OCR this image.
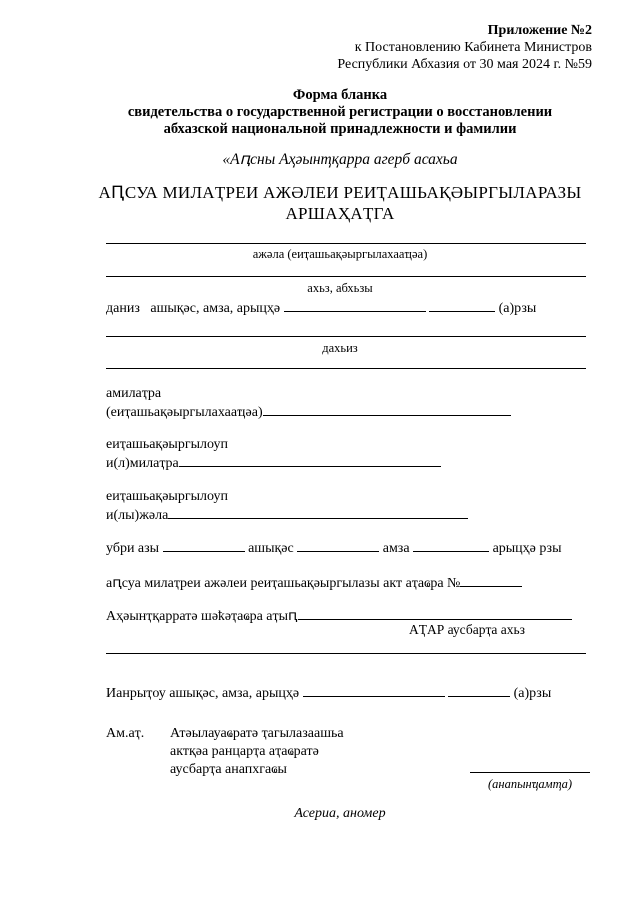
Приложение №2
к Постановлению Кабинета Министров
Республики Абхазия от 30 мая 2024 г. №59
Форма бланка
свидетельства о государственной регистрации о восстановлении
абхазской национальной принадлежности и фамилии
«Аԥсны Аҳәынҭқарра агерб асахьа
АԤСУА МИЛАҬРЕИ АЖӘЛЕИ РЕИҬАШЬАҚӘЫРГЫЛАРАЗЫ
АРШАҲАҬГА
ажәла (еиҭашьақәыргылахааҵәа)
ахьз, абхьзы
даниз ашықәс, амза, арыцҳә	(а)рзы
дахьиз
амилаҭра
(еиҭашьақәыргылахааҵәа)
еиҭашьақәыргылоуп
и(л)милаҭра
еиҭашьақәыргылоуп
и(лы)жәла
убри азы	ашықәс	амза	арыцҳә рзы
аԥсуа милаҭреи ажәлеи реиҭашьақәыргылазы акт аҭаҩра №
Аҳәынҭқарратә шәҟәҭаҩра аҭыԥ
АҬАР аусбарҭа ахьз
Ианрыҭоу ашықәс, амза, арыцҳә	(а)рзы
Ам.аҭ. Атәылауаҩратә ҭагылазаашьа
актқәа ранцарҭа аҭаҩратә
аусбарҭа анапхгаҩы
(анапынҵамҭа)
Асериа, аномер
